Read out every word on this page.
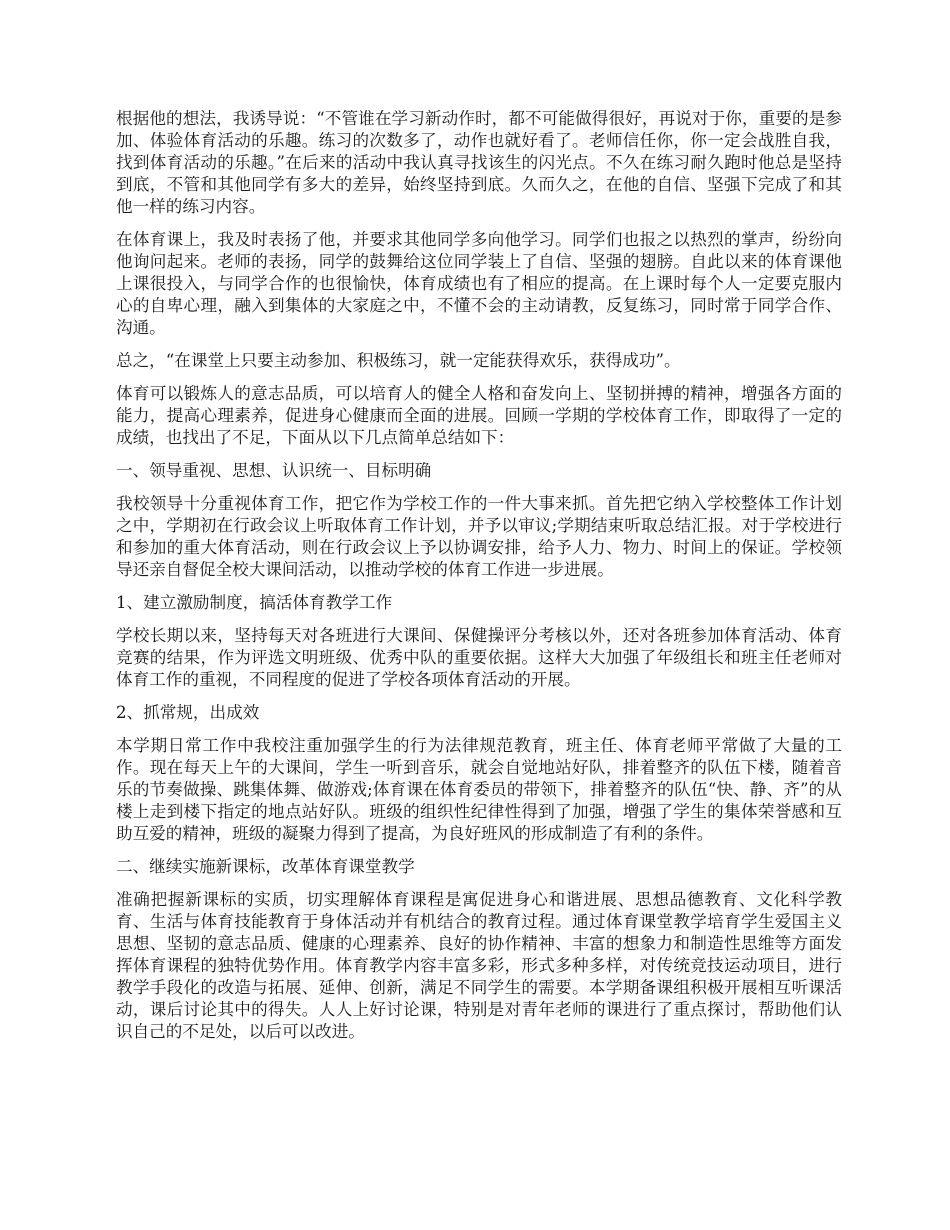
根据他的想法，我诱导说：“不管谁在学习新动作时，都不可能做得很好，再说对于你，重要的是参加、体验体育活动的乐趣。练习的次数多了，动作也就好看了。老师信任你，你一定会战胜自我，找到体育活动的乐趣。”在后来的活动中我认真寻找该生的闪光点。不久在练习耐久跑时他总是坚持到底，不管和其他同学有多大的差异，始终坚持到底。久而久之，在他的自信、坚强下完成了和其他一样的练习内容。

在体育课上，我及时表扬了他，并要求其他同学多向他学习。同学们也报之以热烈的掌声，纷纷向他询问起来。老师的表扬，同学的鼓舞给这位同学装上了自信、坚强的翅膀。自此以来的体育课他上课很投入，与同学合作的也很愉快，体育成绩也有了相应的提高。在上课时每个人一定要克服内心的自卑心理，融入到集体的大家庭之中，不懂不会的主动请教，反复练习，同时常于同学合作、沟通。

总之，“在课堂上只要主动参加、积极练习，就一定能获得欢乐，获得成功”。

体育可以锻炼人的意志品质，可以培育人的健全人格和奋发向上、坚韧拼搏的精神，增强各方面的能力，提高心理素养，促进身心健康而全面的进展。回顾一学期的学校体育工作，即取得了一定的成绩，也找出了不足，下面从以下几点简单总结如下：

一、领导重视、思想、认识统一、目标明确

我校领导十分重视体育工作，把它作为学校工作的一件大事来抓。首先把它纳入学校整体工作计划之中，学期初在行政会议上听取体育工作计划，并予以审议;学期结束听取总结汇报。对于学校进行和参加的重大体育活动，则在行政会议上予以协调安排，给予人力、物力、时间上的保证。学校领导还亲自督促全校大课间活动，以推动学校的体育工作进一步进展。

1、建立激励制度，搞活体育教学工作

学校长期以来，坚持每天对各班进行大课间、保健操评分考核以外，还对各班参加体育活动、体育竞赛的结果，作为评选文明班级、优秀中队的重要依据。这样大大加强了年级组长和班主任老师对体育工作的重视，不同程度的促进了学校各项体育活动的开展。

2、抓常规，出成效

本学期日常工作中我校注重加强学生的行为法律规范教育，班主任、体育老师平常做了大量的工作。现在每天上午的大课间，学生一听到音乐，就会自觉地站好队，排着整齐的队伍下楼，随着音乐的节奏做操、跳集体舞、做游戏;体育课在体育委员的带领下，排着整齐的队伍“快、静、齐”的从楼上走到楼下指定的地点站好队。班级的组织性纪律性得到了加强，增强了学生的集体荣誉感和互助互爱的精神，班级的凝聚力得到了提高，为良好班风的形成制造了有利的条件。

二、继续实施新课标，改革体育课堂教学

准确把握新课标的实质，切实理解体育课程是寓促进身心和谐进展、思想品德教育、文化科学教育、生活与体育技能教育于身体活动并有机结合的教育过程。通过体育课堂教学培育学生爱国主义思想、坚韧的意志品质、健康的心理素养、良好的协作精神、丰富的想象力和制造性思维等方面发挥体育课程的独特优势作用。体育教学内容丰富多彩，形式多种多样，对传统竞技运动项目，进行教学手段化的改造与拓展、延伸、创新，满足不同学生的需要。本学期备课组积极开展相互听课活动，课后讨论其中的得失。人人上好讨论课，特别是对青年老师的课进行了重点探讨，帮助他们认识自己的不足处，以后可以改进。
